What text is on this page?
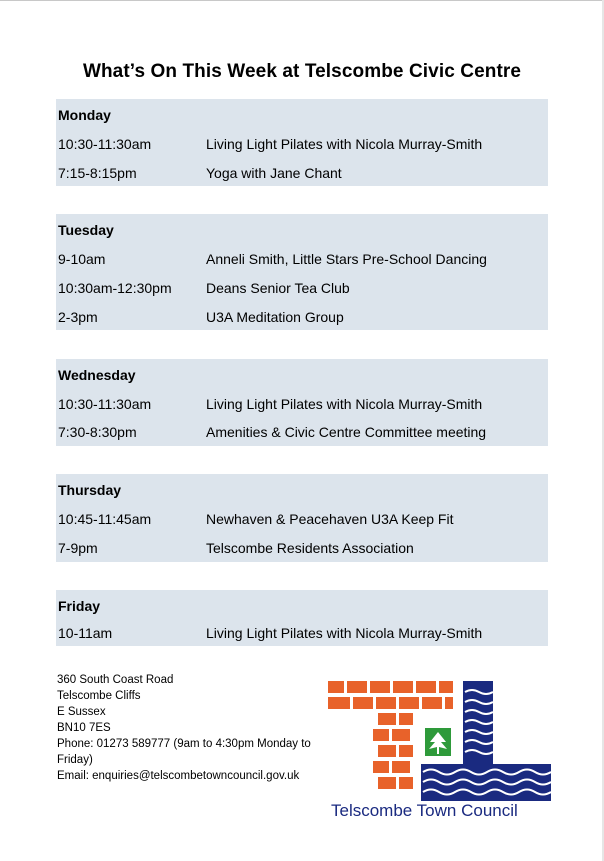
What’s On This Week at Telscombe Civic Centre
Monday
10:30-11:30am	Living Light Pilates with Nicola Murray-Smith
7:15-8:15pm	Yoga with Jane Chant
Tuesday
9-10am	Anneli Smith, Little Stars Pre-School Dancing
10:30am-12:30pm Deans Senior Tea Club
2-3pm	U3A Meditation Group
Wednesday
10:30-11:30am	Living Light Pilates with Nicola Murray-Smith
7:30-8:30pm	Amenities & Civic Centre Committee meeting
Thursday
10:45-11:45am	Newhaven & Peacehaven U3A Keep Fit
7-9pm	Telscombe Residents Association
Friday
10-11am	Living Light Pilates with Nicola Murray-Smith
360 South Coast Road
Telscombe Cliffs
E Sussex
BN10 7ES
Phone: 01273 589777 (9am to 4:30pm Monday to Friday)
Email: enquiries@telscombetowncouncil.gov.uk
Telscombe Town Council
